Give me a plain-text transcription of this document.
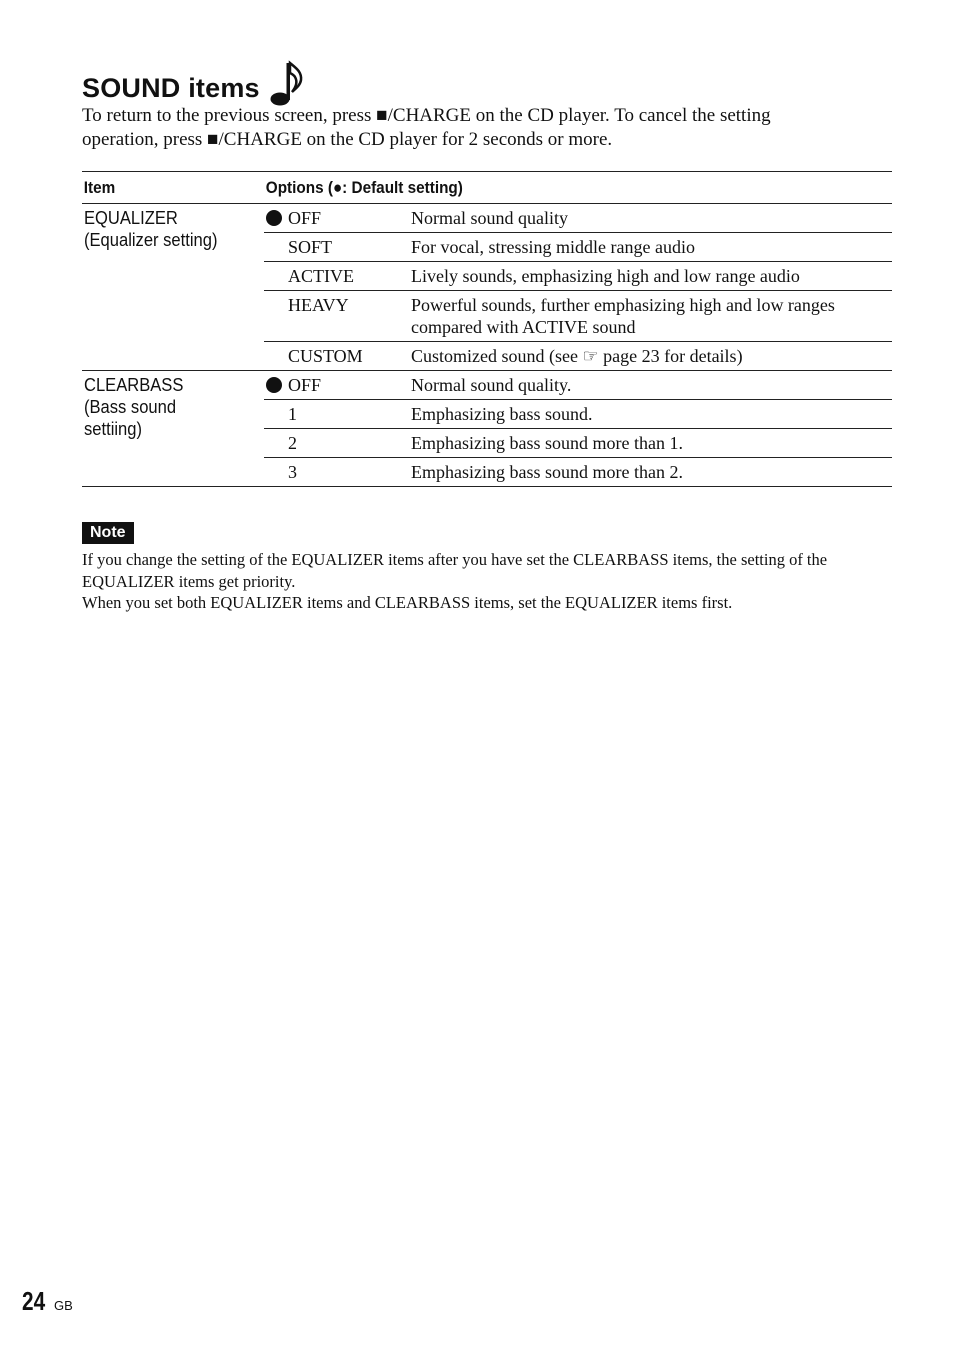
SOUND items

To return to the previous screen, press ■/CHARGE on the CD player. To cancel the setting

operation, press ■/CHARGE on the CD player for 2 seconds or more.

Item	Options (●: Default setting)	

EQUALIZER
(Equalizer setting)	OFF	Normal sound quality
	SOFT	For vocal, stressing middle range audio
	ACTIVE	Lively sounds, emphasizing high and low range audio
	HEAVY	Powerful sounds, further emphasizing high and low ranges compared with ACTIVE sound
	CUSTOM	Customized sound (see ☞ page 23 for details)

CLEARBASS
(Bass sound
settiing)	OFF	Normal sound quality.
	1	Emphasizing bass sound.
	2	Emphasizing bass sound more than 1.
	3	Emphasizing bass sound more than 2.
Note

If you change the setting of the EQUALIZER items after you have set the CLEARBASS items, the setting of the EQUALIZER items get priority.

When you set both EQUALIZER items and CLEARBASS items, set the EQUALIZER items first.

24 GB
